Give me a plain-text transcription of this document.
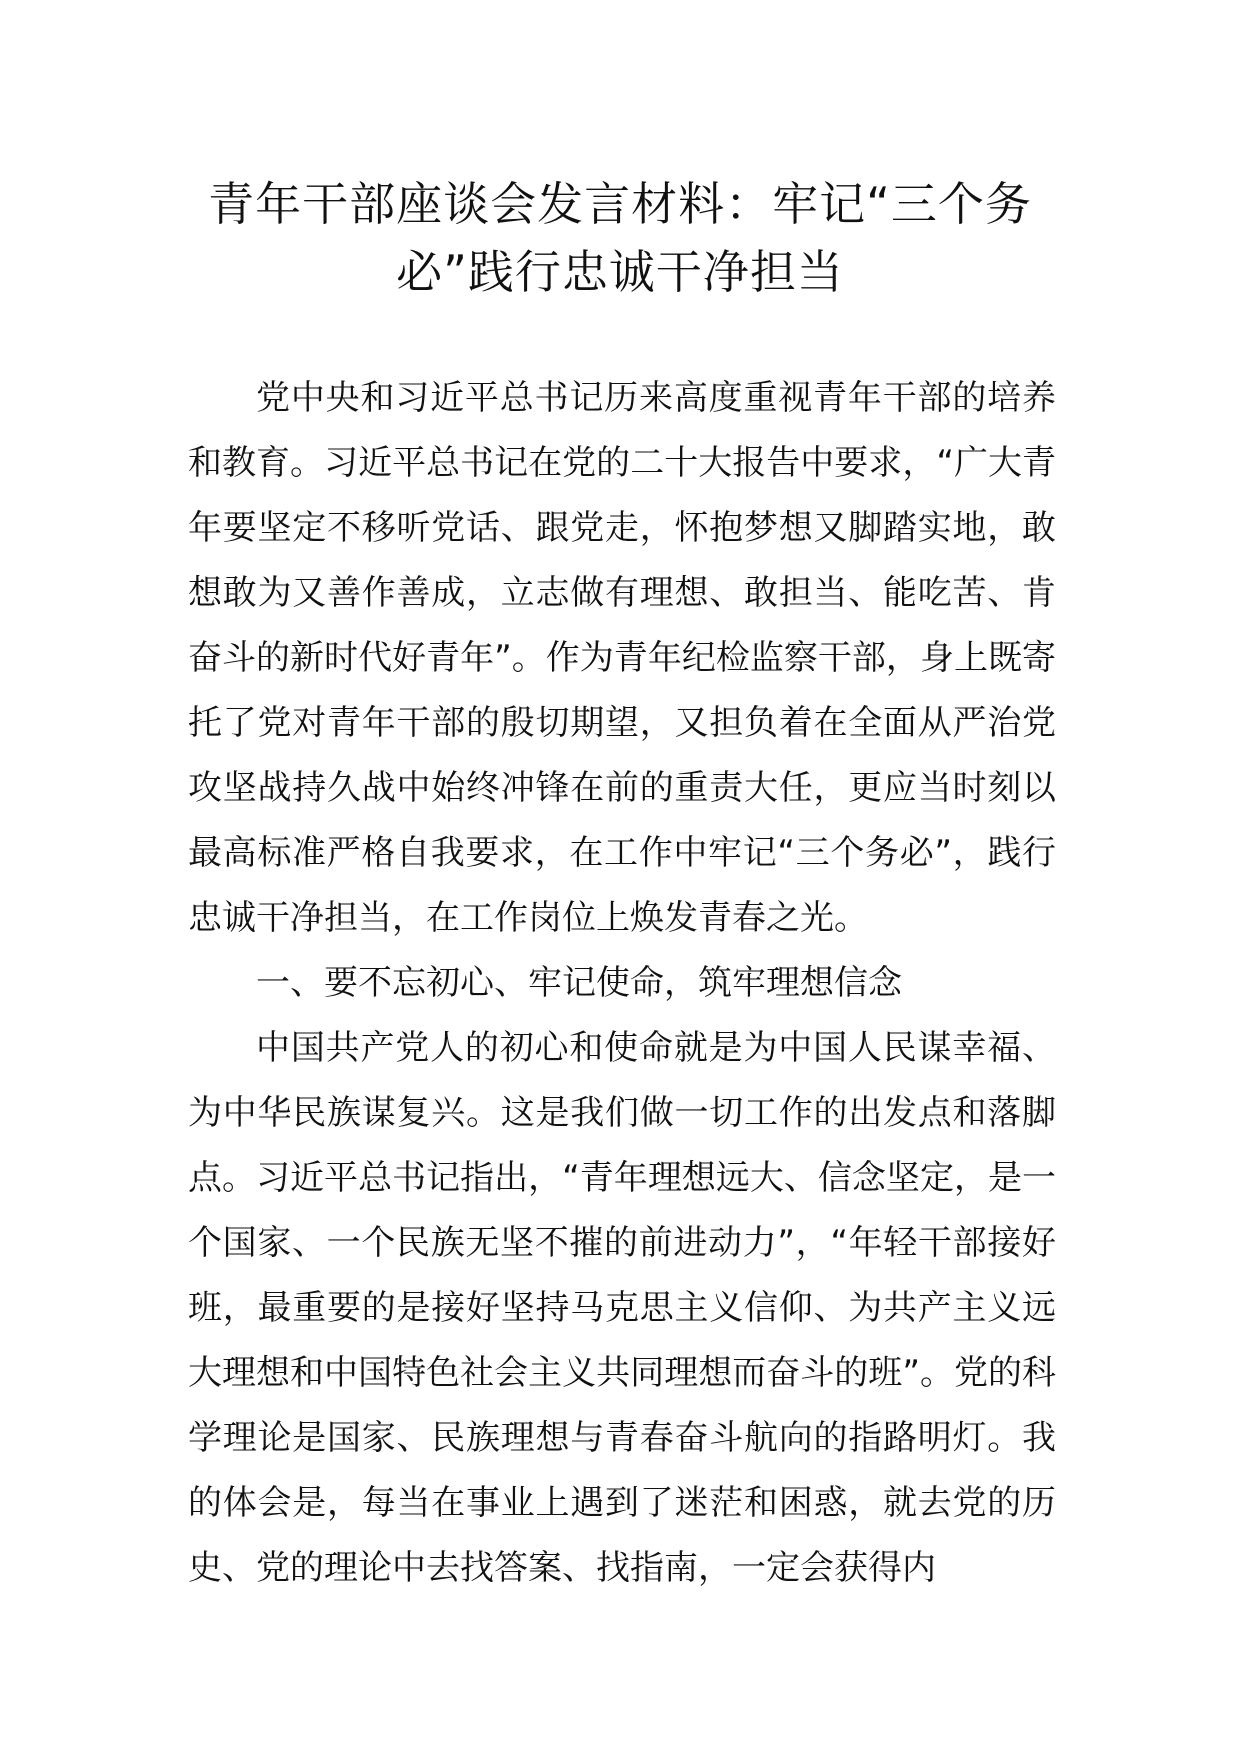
青年干部座谈会发言材料：牢记“三个务必”践行忠诚干净担当

党中央和习近平总书记历来高度重视青年干部的培养和教育。习近平总书记在党的二十大报告中要求，“广大青年要坚定不移听党话、跟党走，怀抱梦想又脚踏实地，敢想敢为又善作善成，立志做有理想、敢担当、能吃苦、肯奋斗的新时代好青年”。作为青年纪检监察干部，身上既寄托了党对青年干部的殷切期望，又担负着在全面从严治党攻坚战持久战中始终冲锋在前的重责大任，更应当时刻以最高标准严格自我要求，在工作中牢记“三个务必”，践行忠诚干净担当，在工作岗位上焕发青春之光。

一、要不忘初心、牢记使命，筑牢理想信念

中国共产党人的初心和使命就是为中国人民谋幸福、为中华民族谋复兴。这是我们做一切工作的出发点和落脚点。习近平总书记指出，“青年理想远大、信念坚定，是一个国家、一个民族无坚不摧的前进动力”，“年轻干部接好班，最重要的是接好坚持马克思主义信仰、为共产主义远大理想和中国特色社会主义共同理想而奋斗的班”。党的科学理论是国家、民族理想与青春奋斗航向的指路明灯。我的体会是，每当在事业上遇到了迷茫和困惑，就去党的历史、党的理论中去找答案、找指南，一定会获得内
